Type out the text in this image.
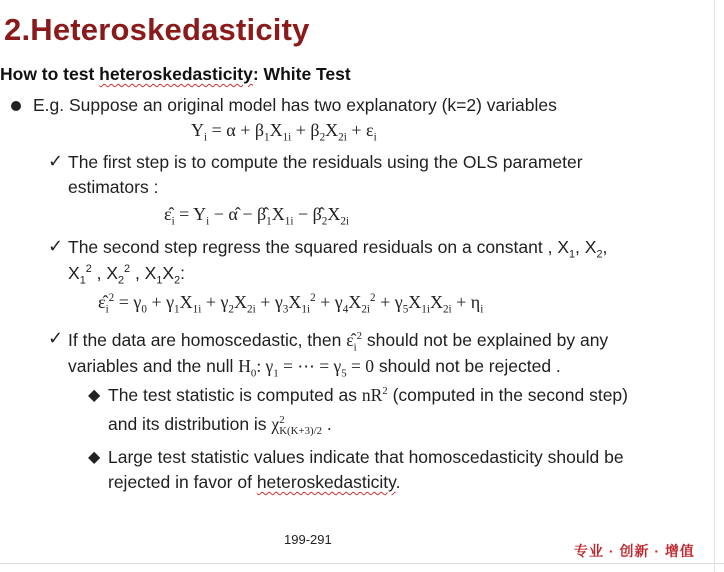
2.Heteroskedasticity
How to test heteroskedasticity: White Test
E.g. Suppose an original model has two explanatory (k=2) variables
$Y_i = \alpha + \beta_1X_{1i} + \beta_2X_{2i} + \varepsilon_i$
✓ The first step is to compute the residuals using the OLS parameter
estimators :
$\varepsilon̂_i = Y_i$ − α̂ − $\betâ_1X_{1i}$ − $\betâ_2X_{2i}$
✓ The second step regress the squared residuals on a constant , $X_1$, $X_2$,
$X_1^2$ , $X_2^2$ , $X_1X_2$:
$\varepsilon̂_i^2 = \gamma_0 + \gamma_1X_{1i} + \gamma_2X_{2i} + \gamma_3X_{1i}^2 + \gamma_4X_{2i}^2 + \gamma_5X_{1i}X_{2i} + \eta_i$
✓ If the data are homoscedastic, then $\varepsilon̂_i^2$ should not be explained by any
variables and the null $H_0$: $\gamma_1$ = ⋯ = $\gamma_5 = 0$ should not be rejected .
◆ The test statistic is computed as $nR^2$ (computed in the second step)
and its distribution is χ 2
K(K+3)/2 .
◆ Large test statistic values indicate that homoscedasticity should be
rejected in favor of heteroskedasticity.
199-291
专业 · 创新 · 增值
